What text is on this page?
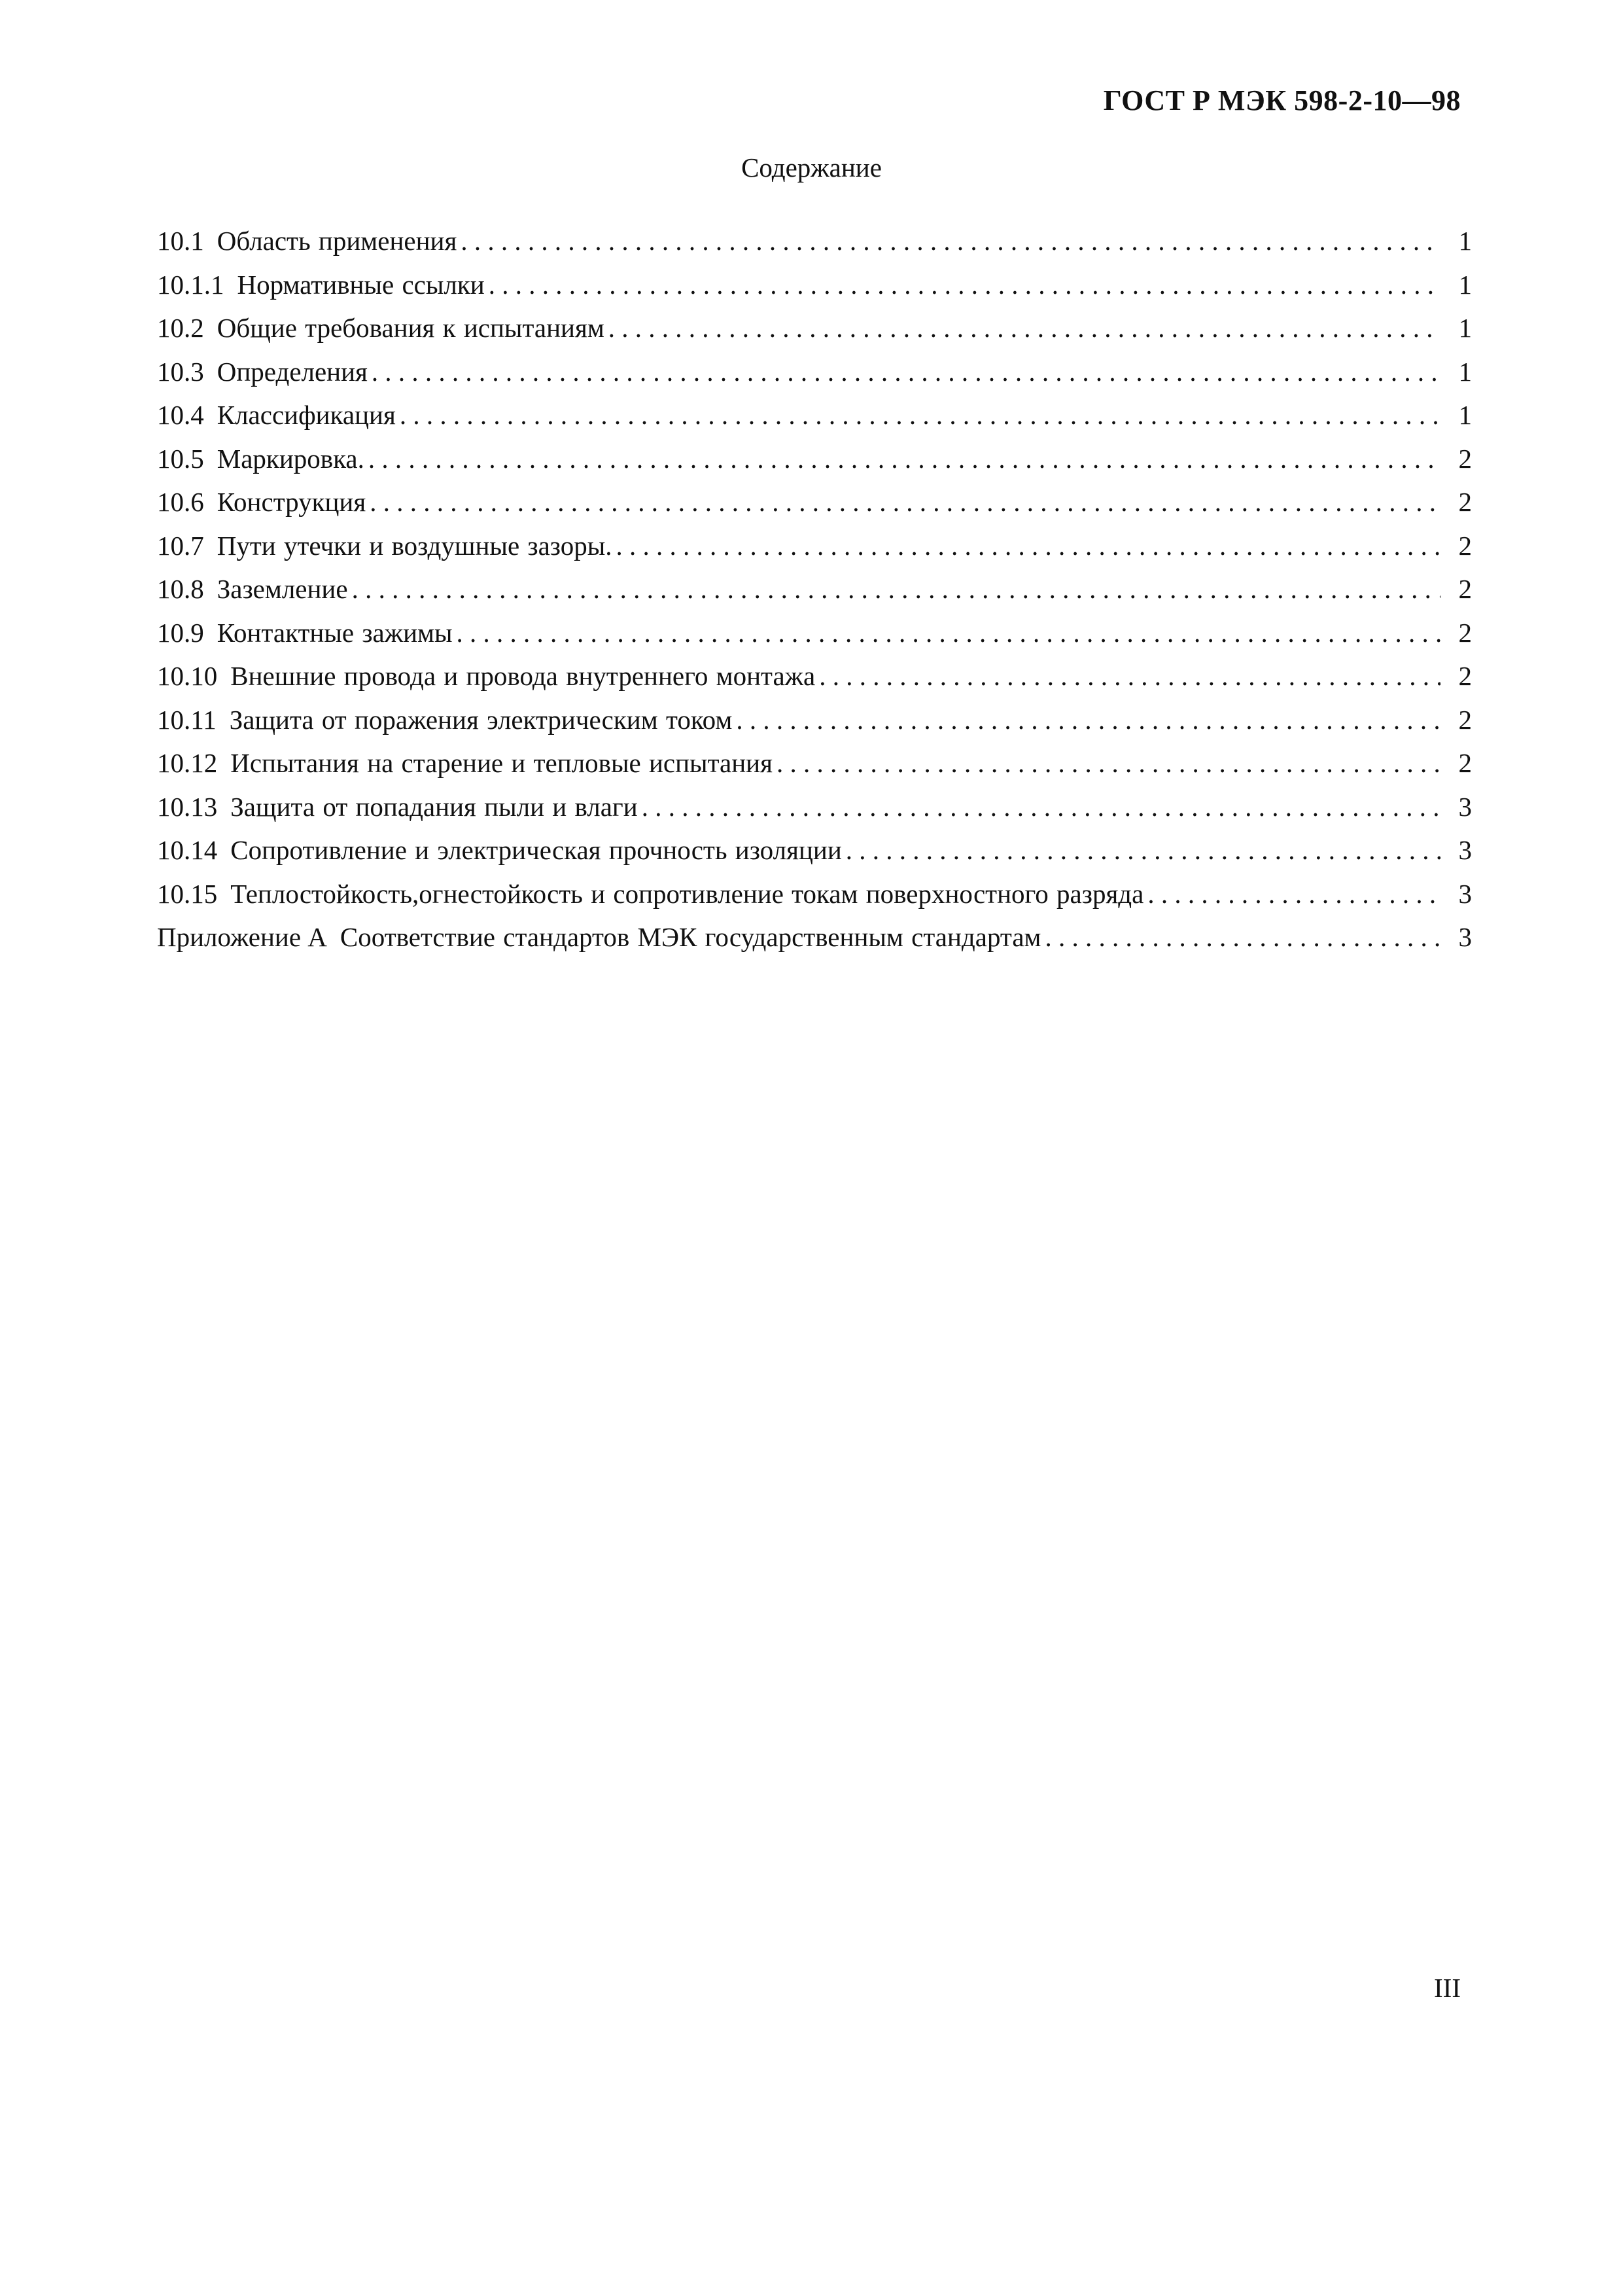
ГОСТ Р МЭК 598-2-10—98
Содержание
10.1 Область применения . . .	1
10.1.1 Нормативные ссылки . . .	1
10.2 Общие требования к испытаниям . . .	1
10.3 Определения . . .	1
10.4 Классификация . . .	1
10.5 Маркировка. . . .	2
10.6 Конструкция . . .	2
10.7 Пути утечки и воздушные зазоры. . . .	2
10.8 Заземление . . .	2
10.9 Контактные зажимы . . .	2
10.10 Внешние провода и провода внутреннего монтажа . . .	2
10.11 Защита от поражения электрическим током . . .	2
10.12 Испытания на старение и тепловые испытания . . .	2
10.13 Защита от попадания пыли и влаги . . .	3
10.14 Сопротивление и электрическая прочность изоляции . . .	3
10.15 Теплостойкость,огнестойкость и сопротивление токам поверхностного разряда . . .	3
Приложение А Соответствие стандартов МЭК государственным стандартам . . .	3
III
